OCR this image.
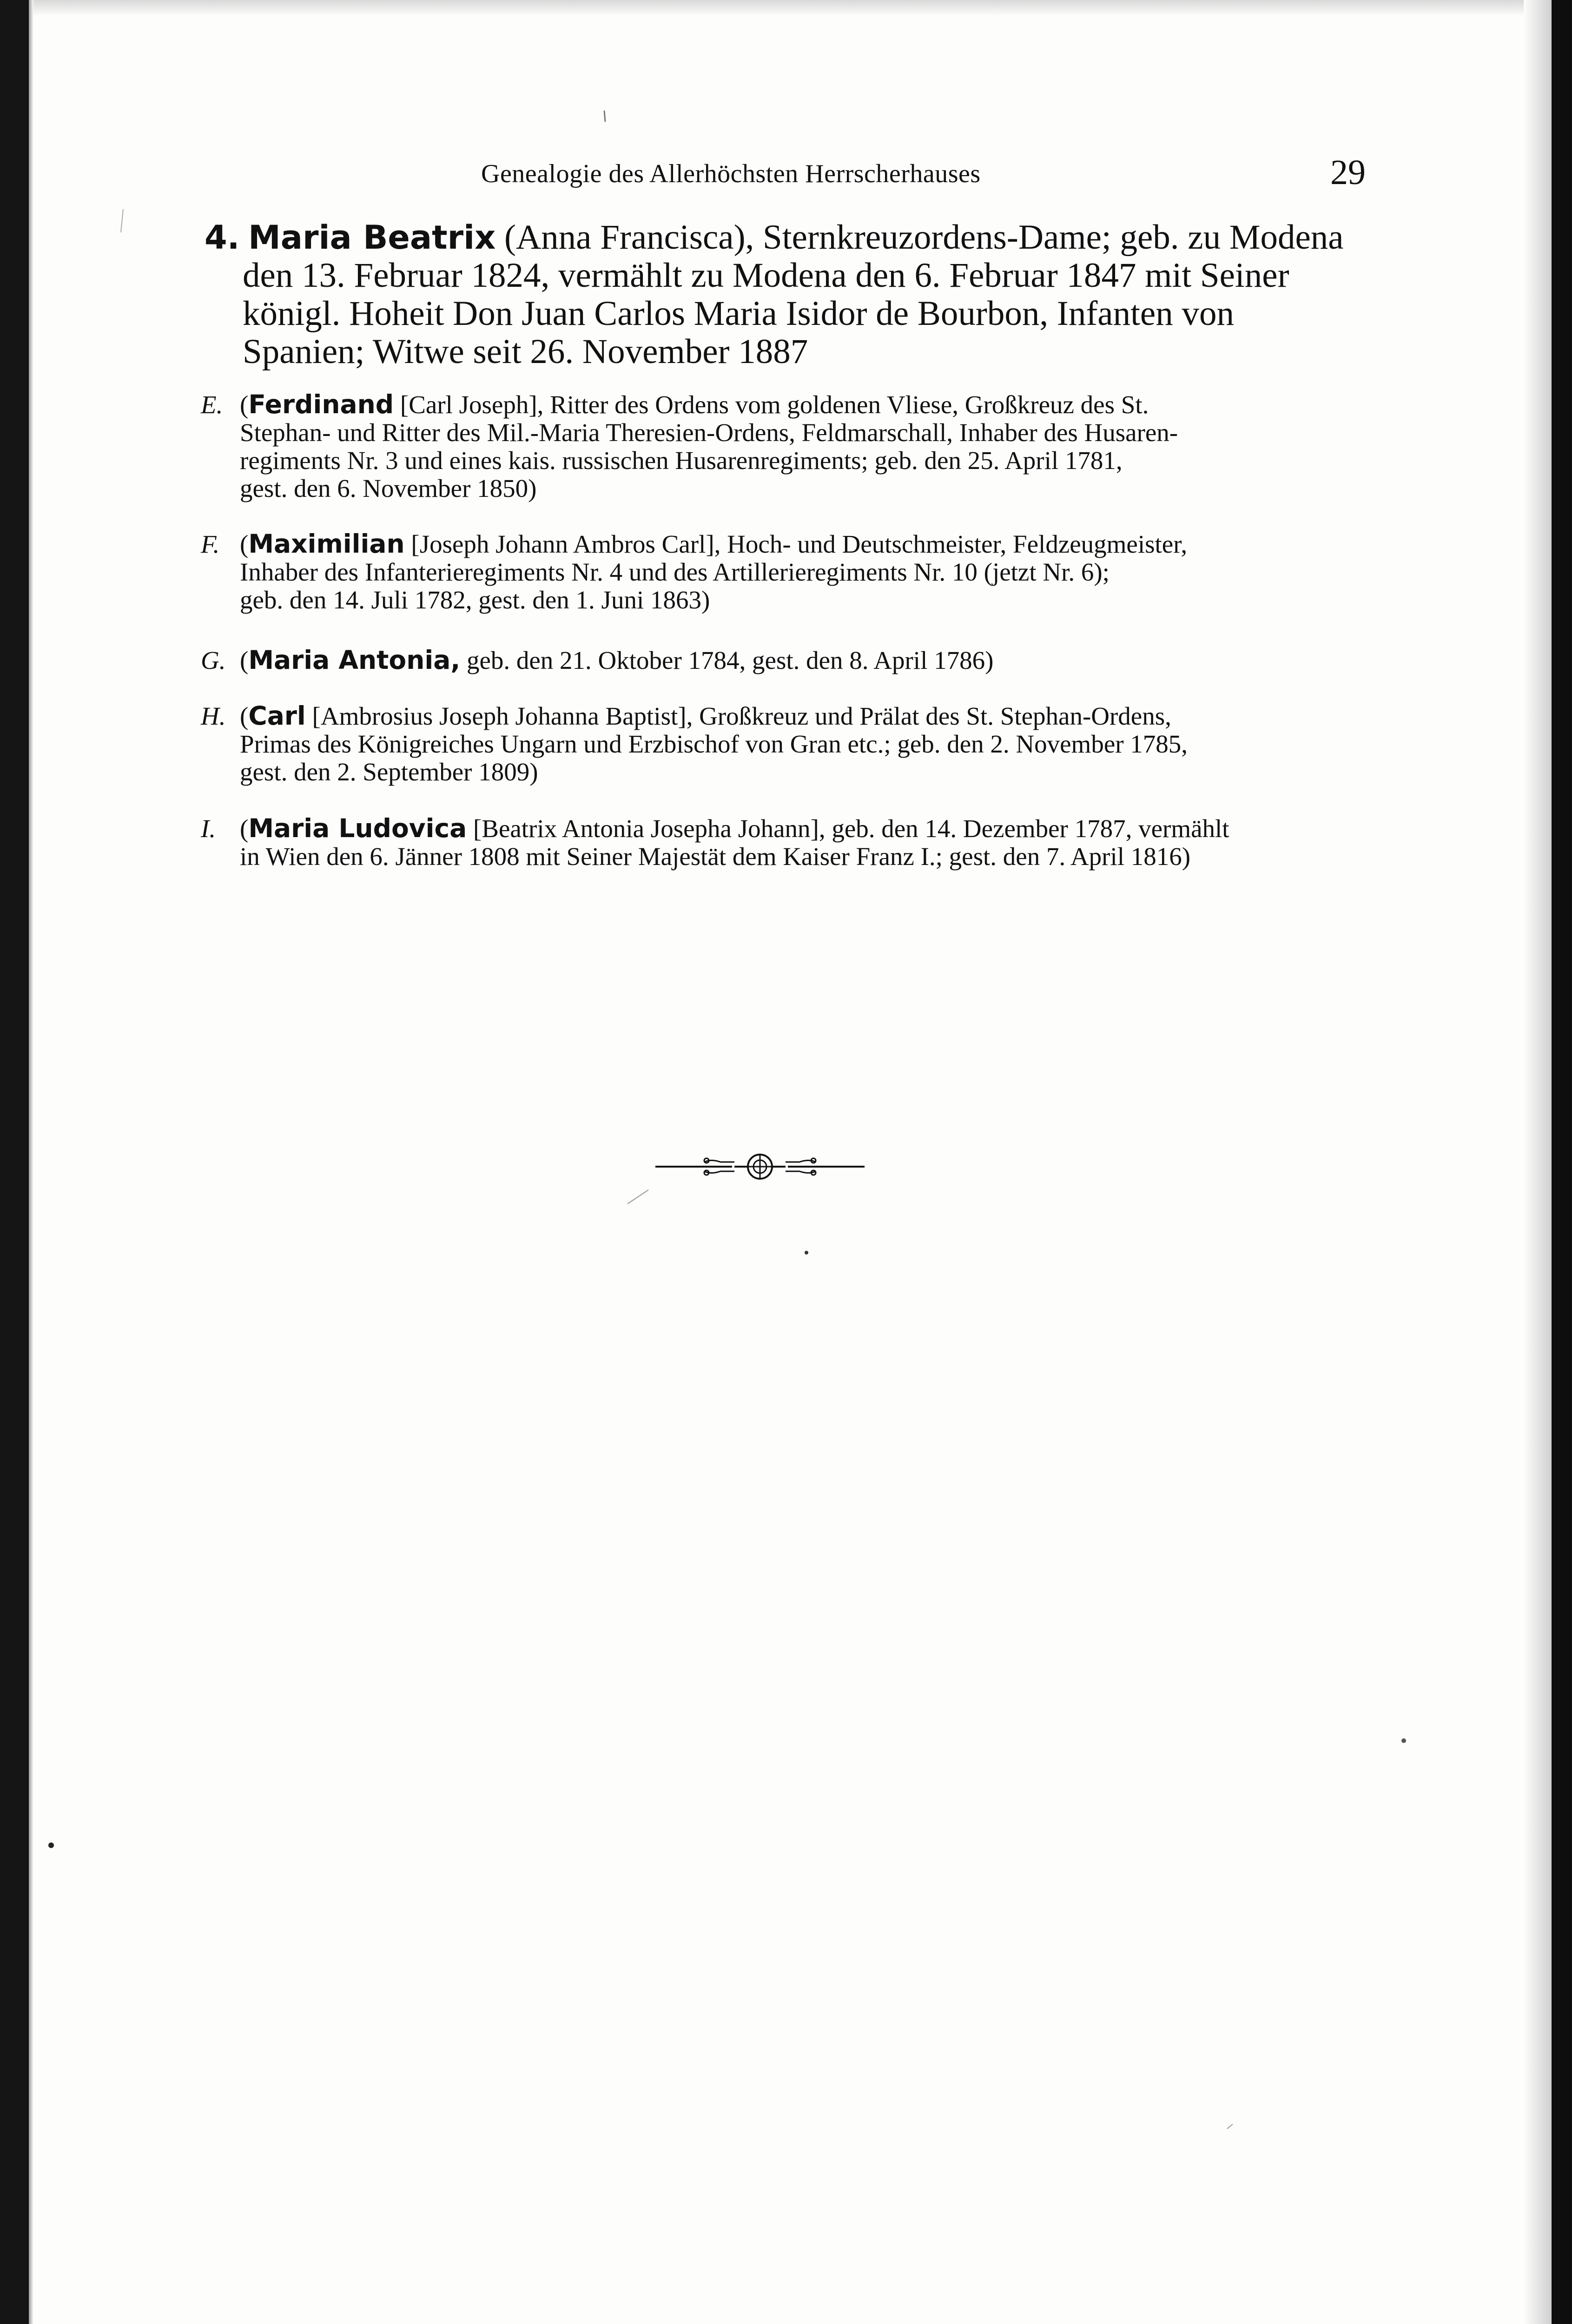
Genealogie des Allerhöchsten Herrscherhauses	29
4. Maria Beatrix (Anna Francisca), Sternkreuzordens-Dame; geb. zu Modena
den 13. Februar 1824, vermählt zu Modena den 6. Februar 1847 mit Seiner
königl. Hoheit Don Juan Carlos Maria Isidor de Bourbon, Infanten von
Spanien; Witwe seit 26. November 1887
E. (Ferdinand [Carl Joseph], Ritter des Ordens vom goldenen Vliese, Großkreuz des St.
Stephan- und Ritter des Mil.-Maria Theresien-Ordens, Feldmarschall, Inhaber des Husaren-
regiments Nr. 3 und eines kais. russischen Husarenregiments; geb. den 25. April 1781,
gest. den 6. November 1850)
F. (Maximilian [Joseph Johann Ambros Carl], Hoch- und Deutschmeister, Feldzeugmeister,
Inhaber des Infanterieregiments Nr. 4 und des Artillerieregiments Nr. 10 (jetzt Nr. 6);
geb. den 14. Juli 1782, gest. den 1. Juni 1863)
G. (Maria Antonia, geb. den 21. Oktober 1784, gest. den 8. April 1786)
H. (Carl [Ambrosius Joseph Johanna Baptist], Großkreuz und Prälat des St. Stephan-Ordens,
Primas des Königreiches Ungarn und Erzbischof von Gran etc.; geb. den 2. November 1785,
gest. den 2. September 1809)
I. (Maria Ludovica [Beatrix Antonia Josepha Johann], geb. den 14. Dezember 1787, vermählt
in Wien den 6. Jänner 1808 mit Seiner Majestät dem Kaiser Franz I.; gest. den 7. April 1816)
